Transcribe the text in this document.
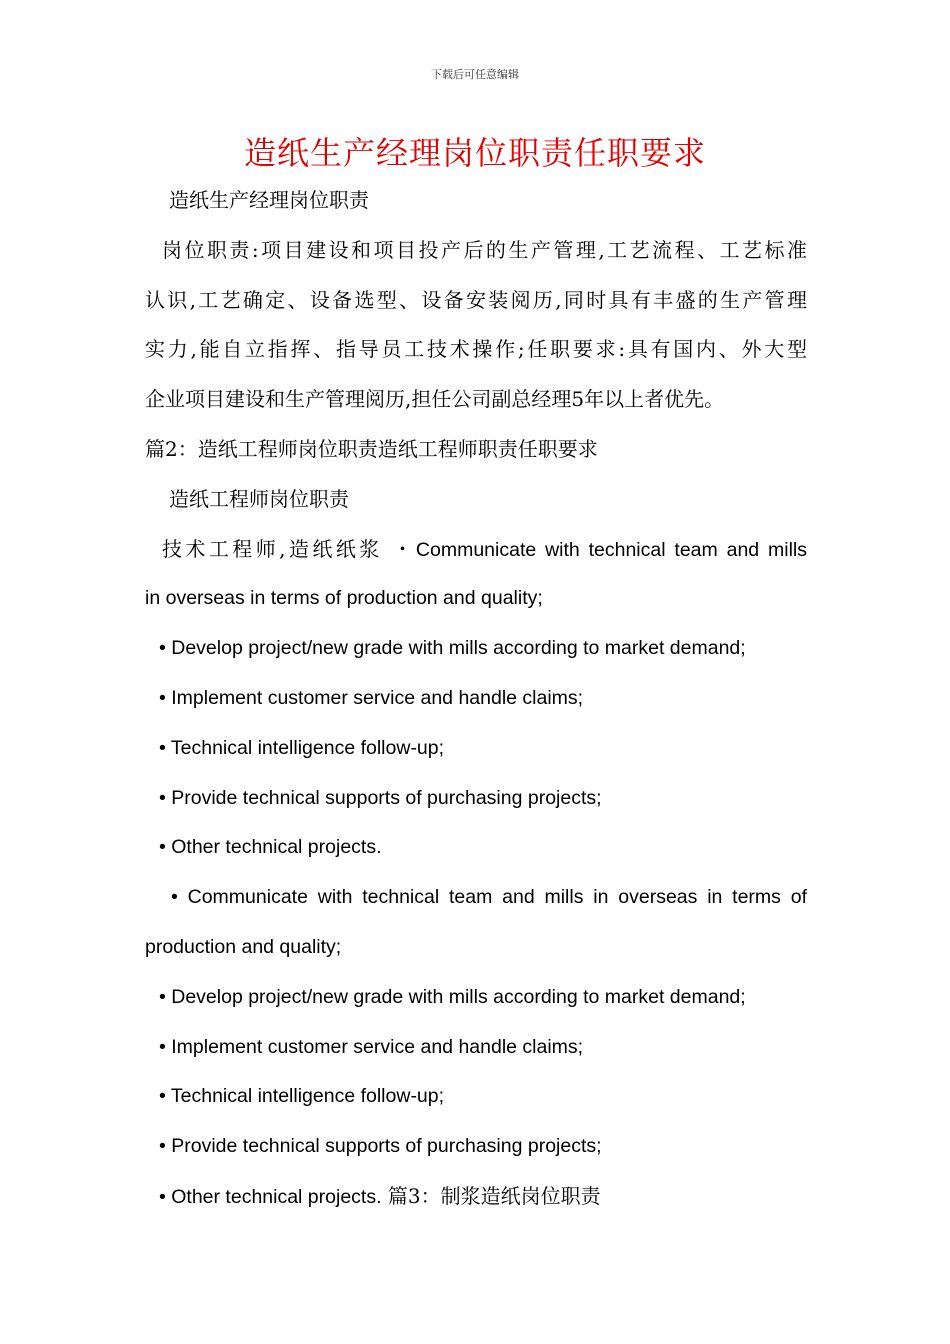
下载后可任意编辑
造纸生产经理岗位职责任职要求
造纸生产经理岗位职责
岗位职责:项目建设和项目投产后的生产管理,工艺流程、工艺标准
认识,工艺确定、设备选型、设备安装阅历,同时具有丰盛的生产管理
实力,能自立指挥、指导员工技术操作;任职要求:具有国内、外大型
企业项目建设和生产管理阅历,担任公司副总经理5年以上者优先。
篇2：造纸工程师岗位职责造纸工程师职责任职要求
造纸工程师岗位职责
技术工程师,造纸纸浆 ・Communicate with technical team and mills
in overseas in terms of production and quality;
• Develop project/new grade with mills according to market demand;
• Implement customer service and handle claims;
• Technical intelligence follow-up;
• Provide technical supports of purchasing projects;
• Other technical projects.
• Communicate with technical team and mills in overseas in terms of
production and quality;
• Develop project/new grade with mills according to market demand;
• Implement customer service and handle claims;
• Technical intelligence follow-up;
• Provide technical supports of purchasing projects;
• Other technical projects. 篇3：制浆造纸岗位职责
